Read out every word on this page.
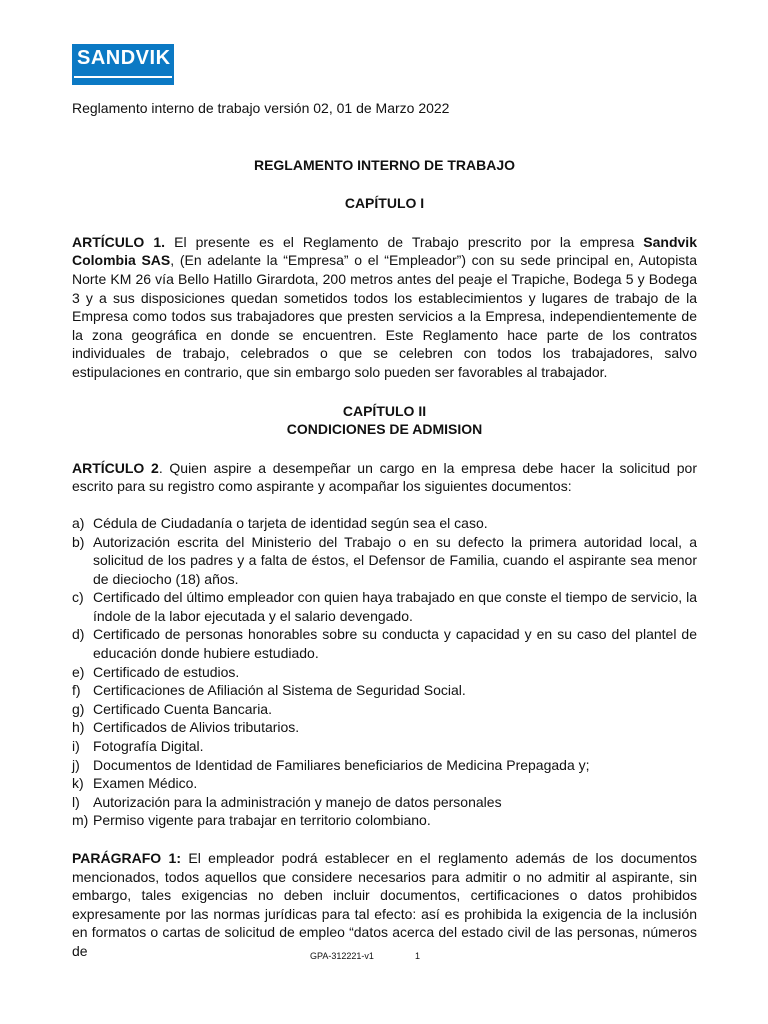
SANDVIK

Reglamento interno de trabajo versión 02, 01 de Marzo 2022

REGLAMENTO INTERNO DE TRABAJO

CAPÍTULO I

ARTÍCULO 1. El presente es el Reglamento de Trabajo prescrito por la empresa Sandvik Colombia SAS, (En adelante la “Empresa” o el “Empleador”) con su sede principal en, Autopista Norte KM 26 vía Bello Hatillo Girardota, 200 metros antes del peaje el Trapiche, Bodega 5 y Bodega 3 y a sus disposiciones quedan sometidos todos los establecimientos y lugares de trabajo de la Empresa como todos sus trabajadores que presten servicios a la Empresa, independientemente de la zona geográfica en donde se encuentren. Este Reglamento hace parte de los contratos individuales de trabajo, celebrados o que se celebren con todos los trabajadores, salvo estipulaciones en contrario, que sin embargo solo pueden ser favorables al trabajador.

CAPÍTULO II

CONDICIONES DE ADMISION

ARTÍCULO 2. Quien aspire a desempeñar un cargo en la empresa debe hacer la solicitud por escrito para su registro como aspirante y acompañar los siguientes documentos:

a) Cédula de Ciudadanía o tarjeta de identidad según sea el caso.
b) Autorización escrita del Ministerio del Trabajo o en su defecto la primera autoridad local, a solicitud de los padres y a falta de éstos, el Defensor de Familia, cuando el aspirante sea menor de dieciocho (18) años.
c) Certificado del último empleador con quien haya trabajado en que conste el tiempo de servicio, la índole de la labor ejecutada y el salario devengado.
d) Certificado de personas honorables sobre su conducta y capacidad y en su caso del plantel de educación donde hubiere estudiado.
e) Certificado de estudios.
f) Certificaciones de Afiliación al Sistema de Seguridad Social.
g) Certificado Cuenta Bancaria.
h) Certificados de Alivios tributarios.
i) Fotografía Digital.
j) Documentos de Identidad de Familiares beneficiarios de Medicina Prepagada y;
k) Examen Médico.
l) Autorización para la administración y manejo de datos personales
m) Permiso vigente para trabajar en territorio colombiano.

PARÁGRAFO 1: El empleador podrá establecer en el reglamento además de los documentos mencionados, todos aquellos que considere necesarios para admitir o no admitir al aspirante, sin embargo, tales exigencias no deben incluir documentos, certificaciones o datos prohibidos expresamente por las normas jurídicas para tal efecto: así es prohibida la exigencia de la inclusión en formatos o cartas de solicitud de empleo “datos acerca del estado civil de las personas, números de	GPA-312221-v1	1
